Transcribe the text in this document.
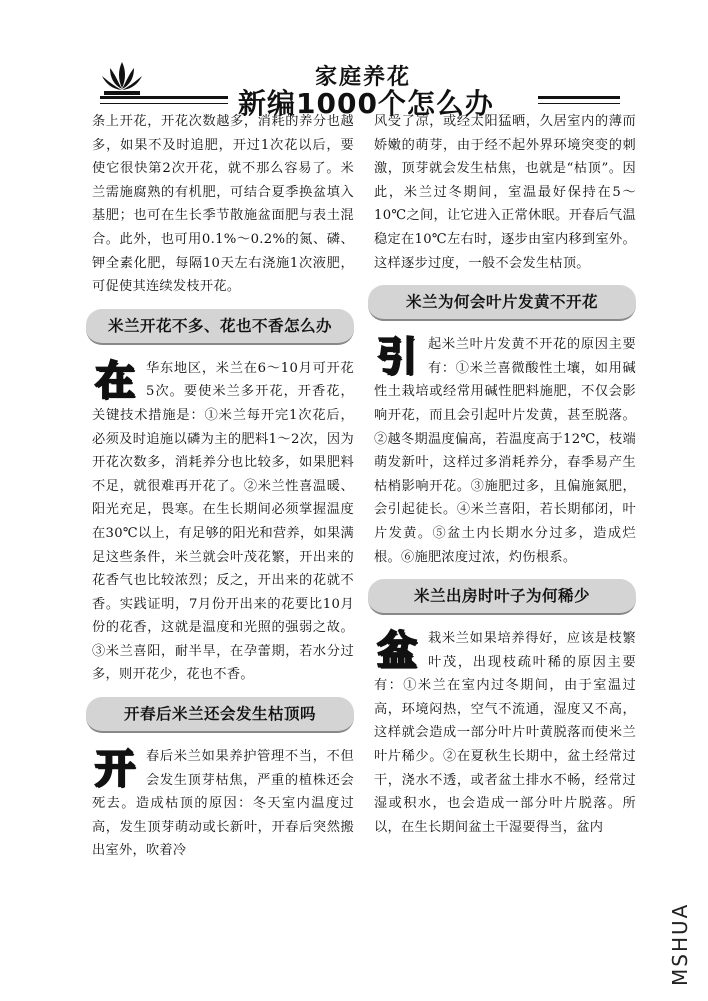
家庭养花
新编1000个怎么办

条上开花，开花次数越多，消耗的养分也越多，如果不及时追肥，开过1次花以后，要使它很快第2次开花，就不那么容易了。米兰需施腐熟的有机肥，可结合夏季换盆填入基肥；也可在生长季节散施盆面肥与表土混合。此外，也可用0.1%～0.2%的氮、磷、钾全素化肥，每隔10天左右浇施1次液肥，可促使其连续发枝开花。

米兰开花不多、花也不香怎么办

在华东地区，米兰在6～10月可开花5次。要使米兰多开花，开香花，关键技术措施是：①米兰每开完1次花后，必须及时追施以磷为主的肥料1～2次，因为开花次数多，消耗养分也比较多，如果肥料不足，就很难再开花了。②米兰性喜温暖、阳光充足，畏寒。在生长期间必须掌握温度在30℃以上，有足够的阳光和营养，如果满足这些条件，米兰就会叶茂花繁，开出来的花香气也比较浓烈；反之，开出来的花就不香。实践证明，7月份开出来的花要比10月份的花香，这就是温度和光照的强弱之故。③米兰喜阳，耐半旱，在孕蕾期，若水分过多，则开花少，花也不香。

开春后米兰还会发生枯顶吗

开春后米兰如果养护管理不当，不但会发生顶芽枯焦，严重的植株还会死去。造成枯顶的原因：冬天室内温度过高，发生顶芽萌动或长新叶，开春后突然搬出室外，吹着冷

风受了凉，或经太阳猛晒，久居室内的薄而娇嫩的萌芽，由于经不起外界环境突变的刺激，顶芽就会发生枯焦，也就是“枯顶”。因此，米兰过冬期间，室温最好保持在5～10℃之间，让它进入正常休眠。开春后气温稳定在10℃左右时，逐步由室内移到室外。这样逐步过度，一般不会发生枯顶。

米兰为何会叶片发黄不开花

引起米兰叶片发黄不开花的原因主要有：①米兰喜微酸性土壤，如用碱性土栽培或经常用碱性肥料施肥，不仅会影响开花，而且会引起叶片发黄，甚至脱落。②越冬期温度偏高，若温度高于12℃，枝端萌发新叶，这样过多消耗养分，春季易产生枯梢影响开花。③施肥过多，且偏施氮肥，会引起徒长。④米兰喜阳，若长期郁闭，叶片发黄。⑤盆土内长期水分过多，造成烂根。⑥施肥浓度过浓，灼伤根系。

米兰出房时叶子为何稀少

盆栽米兰如果培养得好，应该是枝繁叶茂，出现枝疏叶稀的原因主要有：①米兰在室内过冬期间，由于室温过高，环境闷热，空气不流通，湿度又不高，这样就会造成一部分叶片叶黄脱落而使米兰叶片稀少。②在夏秋生长期中，盆土经常过干，浇水不透，或者盆土排水不畅，经常过湿或积水，也会造成一部分叶片脱落。所以，在生长期间盆土干湿要得当，盆内

MSHUA
